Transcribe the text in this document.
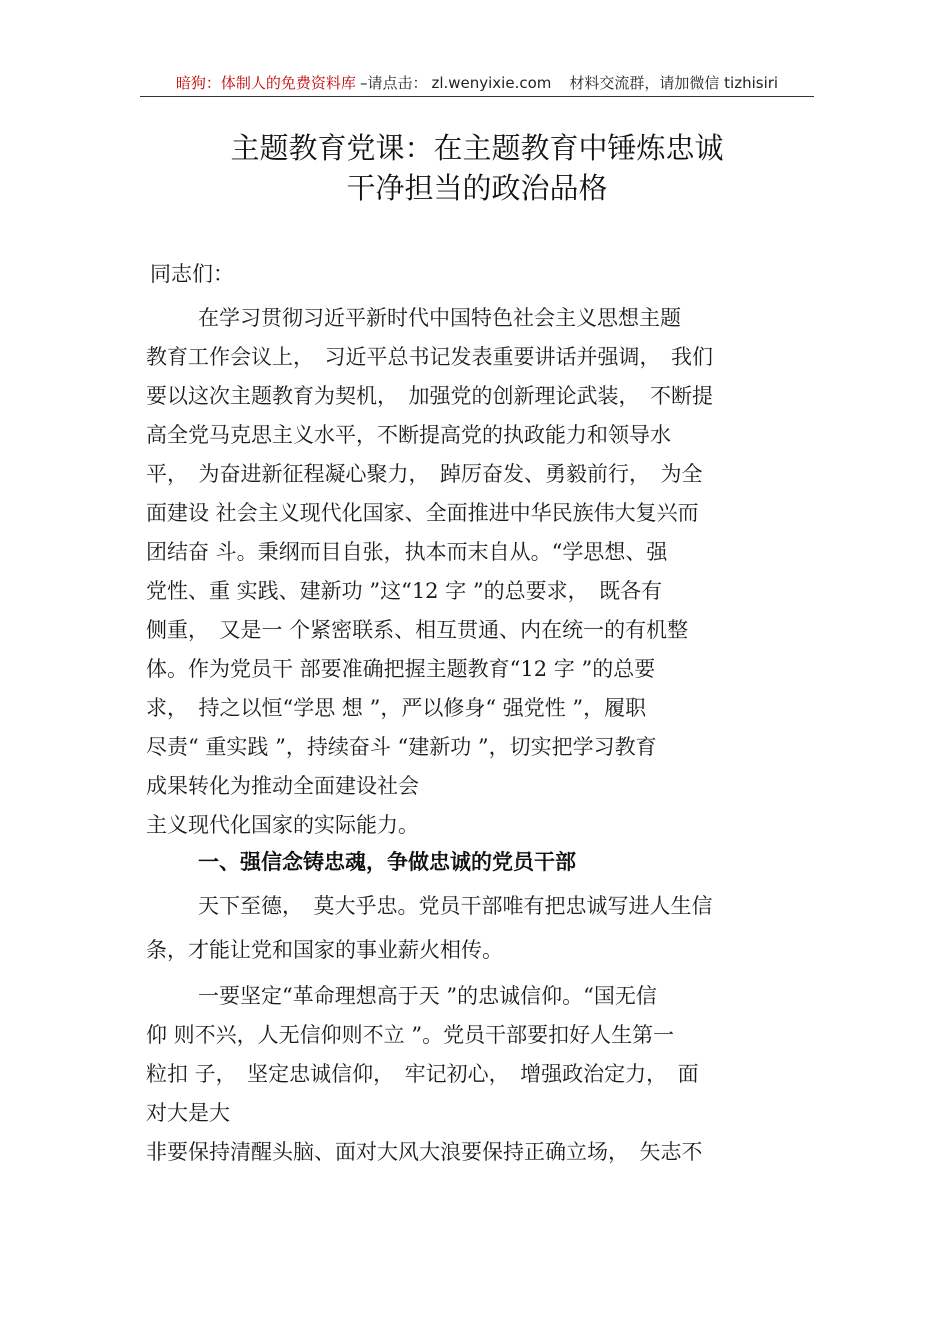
暗狗：体制人的免费资料库 –请点击： zl.wenyixie.com 材料交流群，请加微信 tizhisiri
主题教育党课：在主题教育中锤炼忠诚
干净担当的政治品格
同志们：
在学习贯彻习近平新时代中国特色社会主义思想主题
教育工作会议上，　习近平总书记发表重要讲话并强调，　我们
要以这次主题教育为契机，　加强党的创新理论武装，　不断提
高全党马克思主义水平，不断提高党的执政能力和领导水
平，　为奋进新征程凝心聚力，　踔厉奋发、勇毅前行，　为全
面建设 社会主义现代化国家、全面推进中华民族伟大复兴而
团结奋 斗。秉纲而目自张，执本而末自从。“学思想、强
党性、重 实践、建新功 ”这“12 字 ”的总要求，　既各有
侧重，　又是一 个紧密联系、相互贯通、内在统一的有机整
体。作为党员干 部要准确把握主题教育“12 字 ”的总要
求，　持之以恒“学思 想 ”，严以修身“ 强党性 ”，履职
尽责“ 重实践 ”，持续奋斗 “建新功 ”，切实把学习教育
成果转化为推动全面建设社会
主义现代化国家的实际能力。
一、强信念铸忠魂，争做忠诚的党员干部
天下至德，　莫大乎忠。党员干部唯有把忠诚写进人生信
条，才能让党和国家的事业薪火相传。
一要坚定“革命理想高于天 ”的忠诚信仰。“国无信
仰 则不兴，人无信仰则不立 ”。党员干部要扣好人生第一
粒扣 子，　坚定忠诚信仰，　牢记初心，　增强政治定力，　面
对大是大
非要保持清醒头脑、面对大风大浪要保持正确立场，　矢志不
